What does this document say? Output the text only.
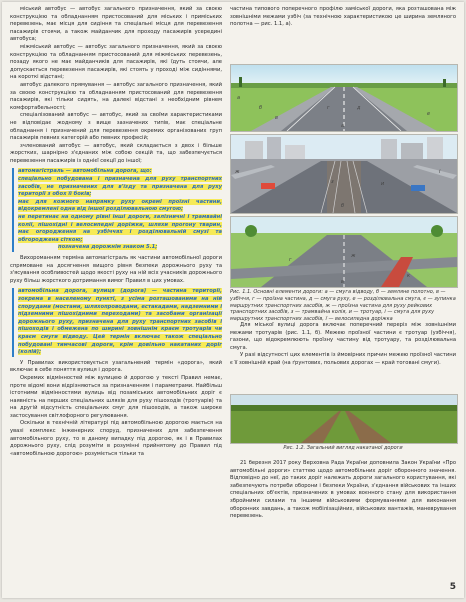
міський автобус — автобус загального призначення, який за своєю конструкцією та обладнанням пристосований для міських і приміських перевезень, має місця для сидіння та спеціальні місця для перевезення пасажирів стоячи, а також майданчик для проходу пасажирів усередині автобуса;

міжміський автобус — автобус загального призначення, який за своєю конструкцією та обладнанням пристосований для міжміських перевезень, позаду якого не має майданчиків для пасажирів, які їдуть стоячи, але допускається перевезення пасажирів, які стоять у проході між сидіннями, на короткі відстані;

автобус далекого прямування — автобус загального призначення, який за своєю конструкцією та обладнанням пристосований для перевезення пасажирів, які тільки сидять, на далекі відстані з необхідним рівнем комфортабельності;

спеціалізований автобус — автобус, який за своїми характеристиками не відповідає жодному з вище зазначених типів, має спеціальне обладнання і призначений для перевезення окремих організованих груп пасажирів певних категорій або певних професій;

зчленований автобус — автобус, який складається з двох і більше жорстких, шарнірно з'єднаних між собою секцій та, що забезпечується перевезення пасажирів із однієї секції до іншої;

автомагістраль — автомобільна дорога, що:

спеціально побудована і призначена для руху транспортних засобів, не призначених для в'їзду та призначена для руху території з обох її боків;

має для кожного напрямку руху окремі проїзні частини, відокремлені одна від іншої розділювальною смугою;

не перетинає на одному рівні інші дороги, залізничні і трамвайні колії, пішохідні і велосипедні доріжки, шляхи прогону тварин, має огородження на узбіччях і розділювальній смузі та обгороджена сіткою;

позначена дорожнім знаком 5.1;

Вихороманням терміна автомагістраль як частини автомобільної дороги спрямоване на досягнення вищого рівня безпеки дорожнього руху та з'ясування особливостей щодо якості руху на ній всіх учасників дорожнього руху більш жорсткого дотримання вимог Правил в цих умовах.

автомобільна дорога, вулиця (дорога) — частина території, зокрема в населеному пункті, з усіма розташованими на ній спорудами (мостами, шляхопроводами, естакадами, надземними і підземними пішохідними переходами) та засобами організації дорожнього руху, призначена для руху транспортних засобів і пішоходів і обмежена по ширині зовнішнім краєм тротуарів чи краєм смуги відводу. Цей термін включає також спеціально побудовані тимчасові дороги, крім довільно накатаних доріг (колій);

У Правилах використовується узагальнений термін «дорога», який включає в себе поняття вулиця і дорога.

Окремих відмінностей між вулицею й дорогою у тексті Правил немає, проте відомі вони відрізняються за призначенням і параметрами. Найбільш істотними відмінностями вулиць від позаміських автомобільних доріг є наявність на перших спеціальних шляхів для руху пішоходів (тротуарів) та на другій відсутність спеціальних смуг для пішоходів, а також широке застосування світлофорного регулювання.

Оскільки в технічній літературі під автомобільною дорогою мається на увазі комплекс інженерних споруд, призначених для забезпечення автомобільного руху, то в даному випадку під дорогою, як і в Правилах дорожнього руху, слід розуміти в розумінні прийнятому до Правил під «автомобільною дорогою» розуміється тільки та

частина типового поперечного профілю заміської дороги, яка розташована між зовнішніми межами узбіч (за технічною характеристикою це ширина земляного полотна — рис. 1.1, а).

а
б
в
г	д
е
а
ж
з	и
і
б
г
ж
к
в
Рис. 1.1. Основні елементи дороги: а — смуга відводу, б — земляне полотно, в — узбіччя, г — проїзна частина, д — смуга руху, е — розділювальна смуга, є — зупинка маршрутних транспортних засобів, ж — проїзна частина для руху рейкових транспортних засобів, з — трамвайна колія, и — тротуар, і — смуга для руху маршрутних транспортних засобів, ї — велосипедна доріжка

Для міської вулиці дорога включає поперечний переріз між зовнішніми межами тротуарів (рис. 1.1, б). Межею проїзної частини є тротуар (узбіччя), газони, що відокремлюють проїзну частину від тротуару, та розділювальна смуга.

У разі відсутності цих елементів із ймовірних причин межею проїзної частини є її зовнішній край (на ґрунтових, польових дорогах — край тоговані смуги).

Рис. 1.2. Загальний вигляд накатаної дороги

21 березня 2017 року Верховна Рада України доповнила Закон України «Про автомобільні дороги» статтею щодо автомобільних доріг оборонного значення. Відповідно до неї, до таких доріг належать дороги загального користування, які забезпечують потреби оборони і безпеки України, з'єднання військових та інших спеціальних об'єктів, призначених в умовах воєнного стану для використання збройними силами та іншими військовими формуваннями для виконання оборонних завдань, а також мобілізаційних, військових вантажів, маневрування перевезень.

5
